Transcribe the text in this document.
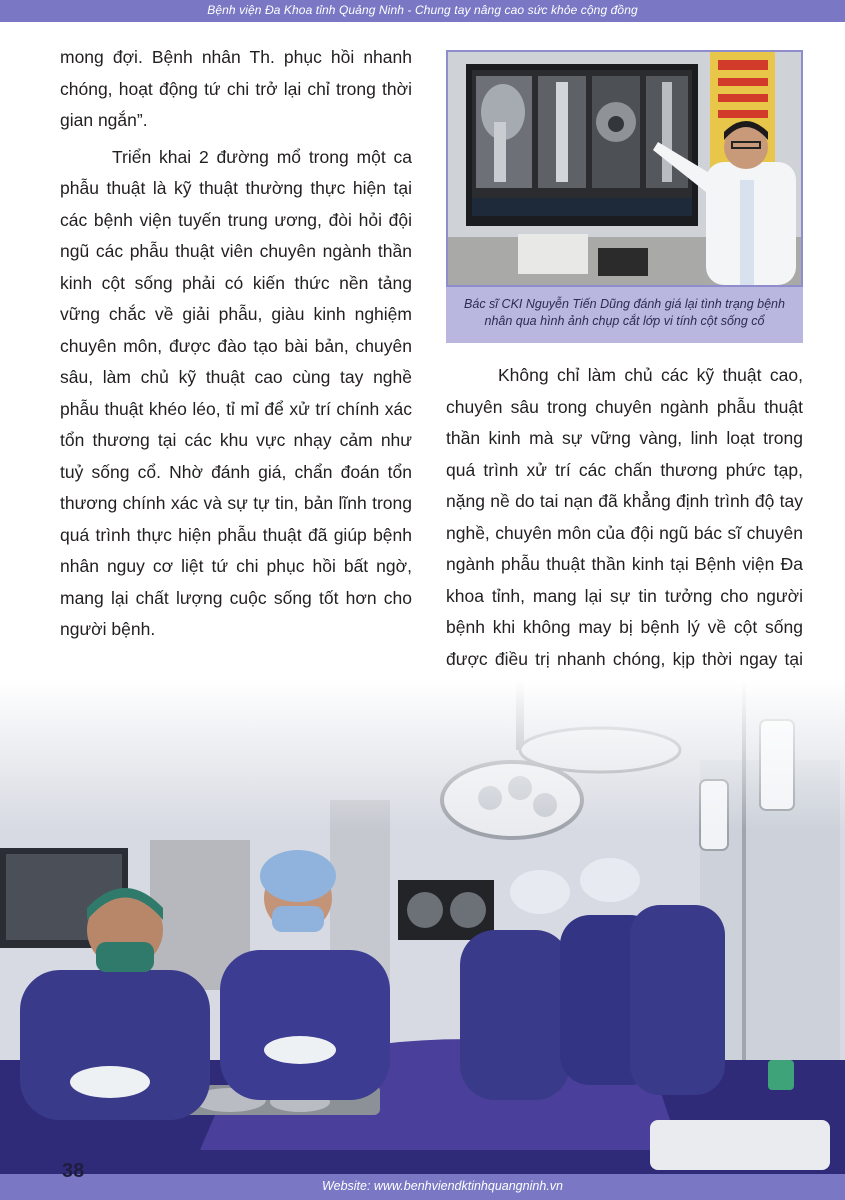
Bệnh viện Đa Khoa tỉnh Quảng Ninh - Chung tay nâng cao sức khỏe cộng đồng

mong đợi. Bệnh nhân Th. phục hồi nhanh chóng, hoạt động tứ chi trở lại chỉ trong thời gian ngắn”.

Triển khai 2 đường mổ trong một ca phẫu thuật là kỹ thuật thường thực hiện tại các bệnh viện tuyến trung ương, đòi hỏi đội ngũ các phẫu thuật viên chuyên ngành thần kinh cột sống phải có kiến thức nền tảng vững chắc về giải phẫu, giàu kinh nghiệm chuyên môn, được đào tạo bài bản, chuyên sâu, làm chủ kỹ thuật cao cùng tay nghề phẫu thuật khéo léo, tỉ mỉ để xử trí chính xác tổn thương tại các khu vực nhạy cảm như tuỷ sống cổ. Nhờ đánh giá, chẩn đoán tổn thương chính xác và sự tự tin, bản lĩnh trong quá trình thực hiện phẫu thuật đã giúp bệnh nhân nguy cơ liệt tứ chi phục hồi bất ngờ, mang lại chất lượng cuộc sống tốt hơn cho người bệnh.

Bác sĩ CKI Nguyễn Tiến Dũng đánh giá lại tình trạng bệnh nhân qua hình ảnh chụp cắt lớp vi tính cột sống cổ

Không chỉ làm chủ các kỹ thuật cao, chuyên sâu trong chuyên ngành phẫu thuật thần kinh mà sự vững vàng, linh loạt trong quá trình xử trí các chấn thương phức tạp, nặng nề do tai nạn đã khẳng định trình độ tay nghề, chuyên môn của đội ngũ bác sĩ chuyên ngành phẫu thuật thần kinh tại Bệnh viện Đa khoa tỉnh, mang lại sự tin tưởng cho người bệnh khi không may bị bệnh lý về cột sống được điều trị nhanh chóng, kịp thời ngay tại

38
Website: www.benhviendktinhquangninh.vn
